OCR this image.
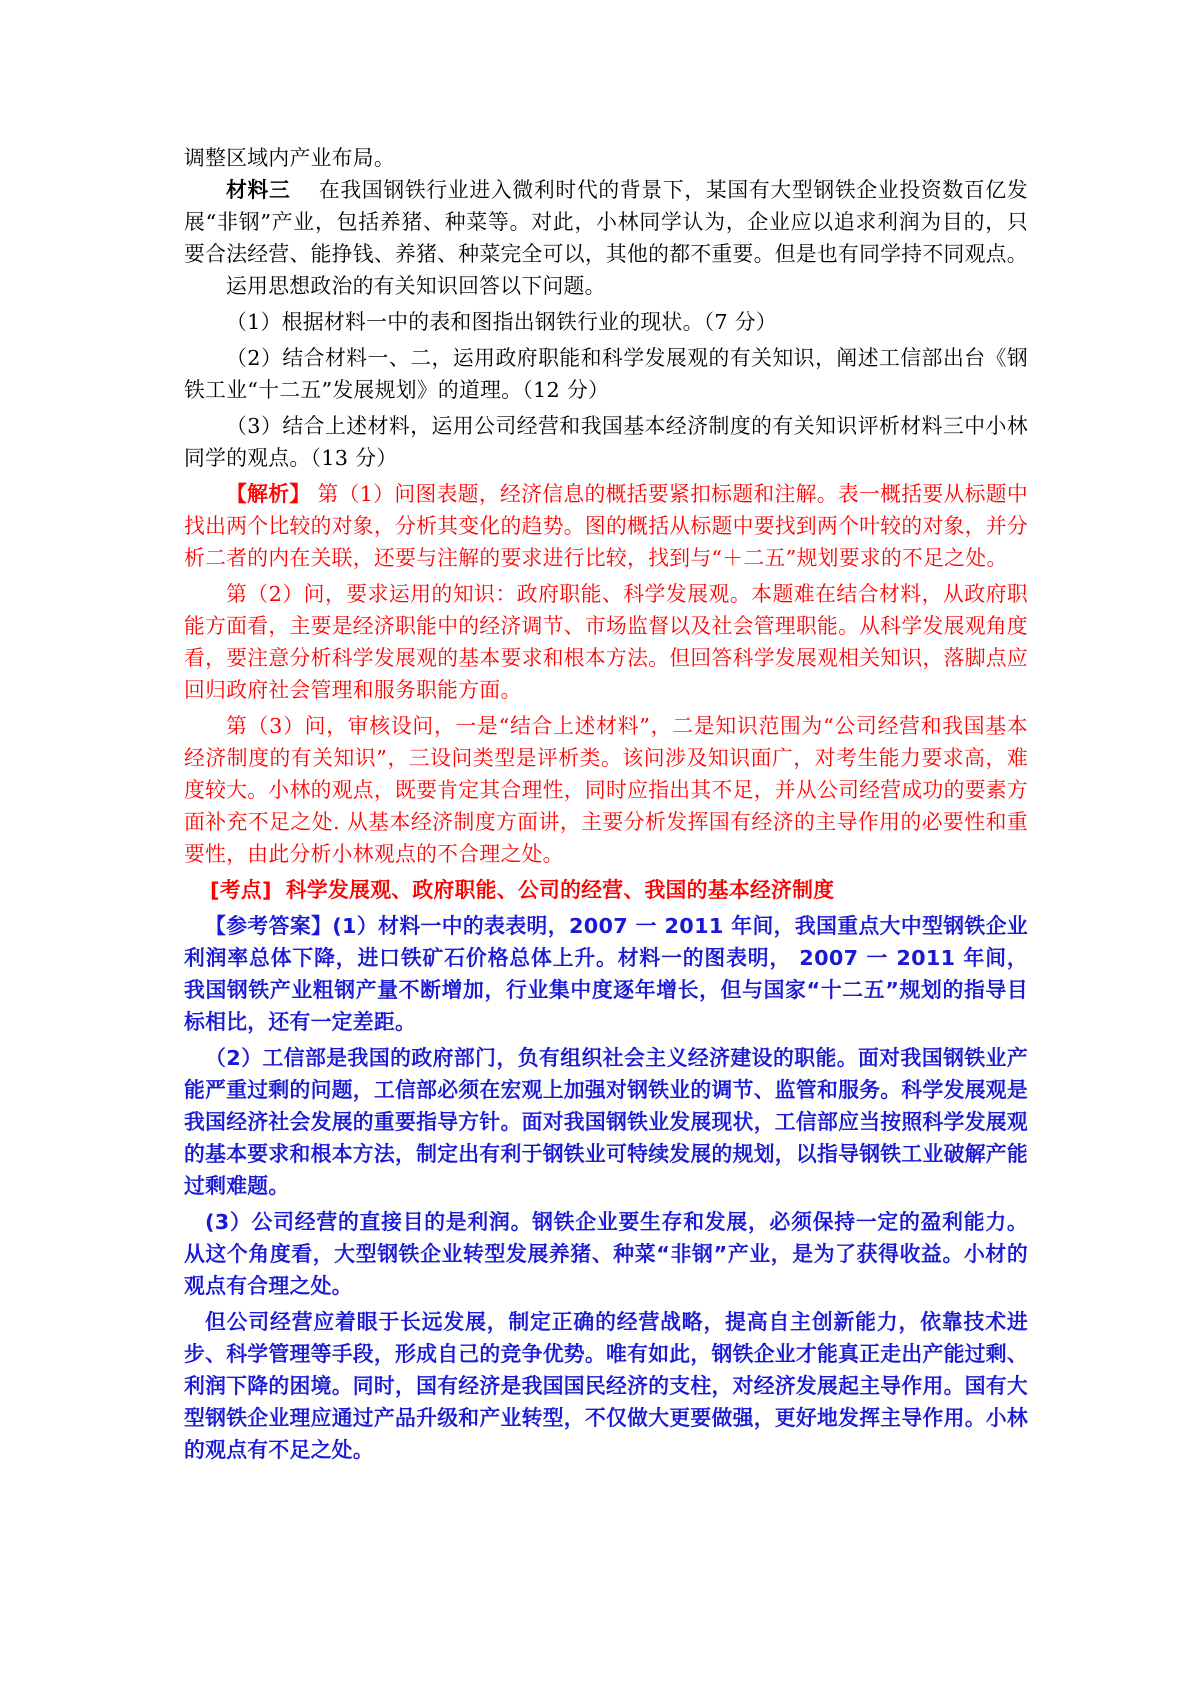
调整区域内产业布局。

材料三 在我国钢铁行业进入微利时代的背景下，某国有大型钢铁企业投资数百亿发展“非钢”产业，包括养猪、种菜等。对此，小林同学认为，企业应以追求利润为目的，只要合法经营、能挣钱、养猪、种菜完全可以，其他的都不重要。但是也有同学持不同观点。

运用思想政治的有关知识回答以下问题。

（1）根据材料一中的表和图指出钢铁行业的现状。（7 分）

（2）结合材料一、二，运用政府职能和科学发展观的有关知识，阐述工信部出台《钢铁工业“十二五”发展规划》的道理。（12 分）

（3）结合上述材料，运用公司经营和我国基本经济制度的有关知识评析材料三中小林同学的观点。（13 分）

【解析】 第（1）问图表题，经济信息的概括要紧扣标题和注解。表一概括要从标题中找出两个比较的对象，分析其变化的趋势。图的概括从标题中要找到两个叶较的对象，并分析二者的内在关联，还要与注解的要求进行比较，找到与“＋二五”规划要求的不足之处。

第（2）问，要求运用的知识：政府职能、科学发展观。本题难在结合材料，从政府职能方面看，主要是经济职能中的经济调节、市场监督以及社会管理职能。从科学发展观角度看，要注意分析科学发展观的基本要求和根本方法。但回答科学发展观相关知识，落脚点应回归政府社会管理和服务职能方面。

第（3）问，审核设问，一是“结合上述材料”，二是知识范围为“公司经营和我国基本经济制度的有关知识”，三设问类型是评析类。该问涉及知识面广，对考生能力要求高，难度较大。小林的观点，既要肯定其合理性，同时应指出其不足，并从公司经营成功的要素方面补充不足之处. 从基本经济制度方面讲，主要分析发挥国有经济的主导作用的必要性和重要性，由此分析小林观点的不合理之处。

[考点] 科学发展观、政府职能、公司的经营、我国的基本经济制度

【参考答案】(1）材料一中的表表明，2007 一 2011 年间，我国重点大中型钢铁企业利润率总体下降，进口铁矿石价格总体上升。材料一的图表明， 2007 一 2011 年间，我国钢铁产业粗钢产量不断增加，行业集中度逐年增长，但与国家“十二五”规划的指导目标相比，还有一定差距。

（2）工信部是我国的政府部门，负有组织社会主义经济建设的职能。面对我国钢铁业产能严重过剩的问题，工信部必须在宏观上加强对钢铁业的调节、监管和服务。科学发展观是我国经济社会发展的重要指导方针。面对我国钢铁业发展现状，工信部应当按照科学发展观的基本要求和根本方法，制定出有利于钢铁业可特续发展的规划，以指导钢铁工业破解产能过剩难题。

(3）公司经营的直接目的是利润。钢铁企业要生存和发展，必须保持一定的盈利能力。从这个角度看，大型钢铁企业转型发展养猪、种菜“非钢”产业，是为了获得收益。小材的观点有合理之处。

但公司经营应着眼于长远发展，制定正确的经营战略，提高自主创新能力，依靠技术进步、科学管理等手段，形成自己的竞争优势。唯有如此，钢铁企业才能真正走出产能过剩、利润下降的困境。同时，国有经济是我国国民经济的支柱，对经济发展起主导作用。国有大型钢铁企业理应通过产品升级和产业转型，不仅做大更要做强，更好地发挥主导作用。小林的观点有不足之处。
